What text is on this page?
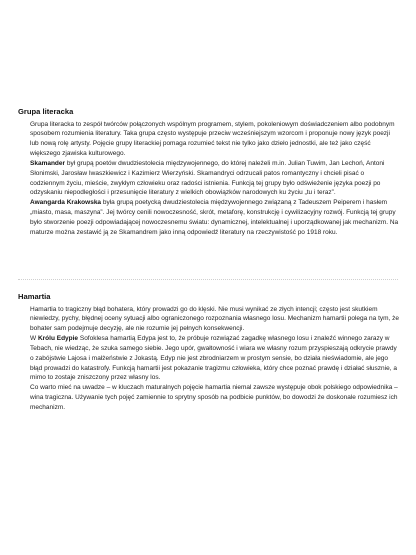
Grupa literacka

Grupa literacka to zespół twórców połączonych wspólnym programem, stylem, pokoleniowym doświadczeniem albo podobnym sposobem rozumienia literatury. Taka grupa często występuje przeciw wcześniejszym wzorcom i proponuje nowy język poezji lub nową rolę artysty. Pojęcie grupy literackiej pomaga rozumieć tekst nie tylko jako dzieło jednostki, ale też jako część większego zjawiska kulturowego.

Skamander był grupą poetów dwudziestolecia międzywojennego, do której należeli m.in. Julian Tuwim, Jan Lechoń, Antoni Słonimski, Jarosław Iwaszkiewicz i Kazimierz Wierzyński. Skamandryci odrzucali patos romantyczny i chcieli pisać o codziennym życiu, mieście, zwykłym człowieku oraz radości istnienia. Funkcją tej grupy było odświeżenie języka poezji po odzyskaniu niepodległości i przesunięcie literatury z wielkich obowiązków narodowych ku życiu „tu i teraz”.

Awangarda Krakowska była grupą poetycką dwudziestolecia międzywojennego związaną z Tadeuszem Peiperem i hasłem „miasto, masa, maszyna”. Jej twórcy cenili nowoczesność, skrót, metaforę, konstrukcję i cywilizacyjny rozwój. Funkcją tej grupy było stworzenie poezji odpowiadającej nowoczesnemu światu: dynamicznej, intelektualnej i uporządkowanej jak mechanizm. Na maturze można zestawić ją ze Skamandrem jako inną odpowiedź literatury na rzeczywistość po 1918 roku.

Hamartia

Hamartia to tragiczny błąd bohatera, który prowadzi go do klęski. Nie musi wynikać ze złych intencji; często jest skutkiem niewiedzy, pychy, błędnej oceny sytuacji albo ograniczonego rozpoznania własnego losu. Mechanizm hamartii polega na tym, że bohater sam podejmuje decyzję, ale nie rozumie jej pełnych konsekwencji.

W Królu Edypie Sofoklesa hamartią Edypa jest to, że próbuje rozwiązać zagadkę własnego losu i znaleźć winnego zarazy w Tebach, nie wiedząc, że szuka samego siebie. Jego upór, gwałtowność i wiara we własny rozum przyspieszają odkrycie prawdy o zabójstwie Lajosa i małżeństwie z Jokastą. Edyp nie jest zbrodniarzem w prostym sensie, bo działa nieświadomie, ale jego błąd prowadzi do katastrofy. Funkcją hamartii jest pokazanie tragizmu człowieka, który chce poznać prawdę i działać słusznie, a mimo to zostaje zniszczony przez własny los.

Co warto mieć na uwadze – w kluczach maturalnych pojęcie hamartia niemal zawsze występuje obok polskiego odpowiednika – wina tragiczna. Używanie tych pojęć zamiennie to sprytny sposób na podbicie punktów, bo dowodzi że doskonale rozumiesz ich mechanizm.
